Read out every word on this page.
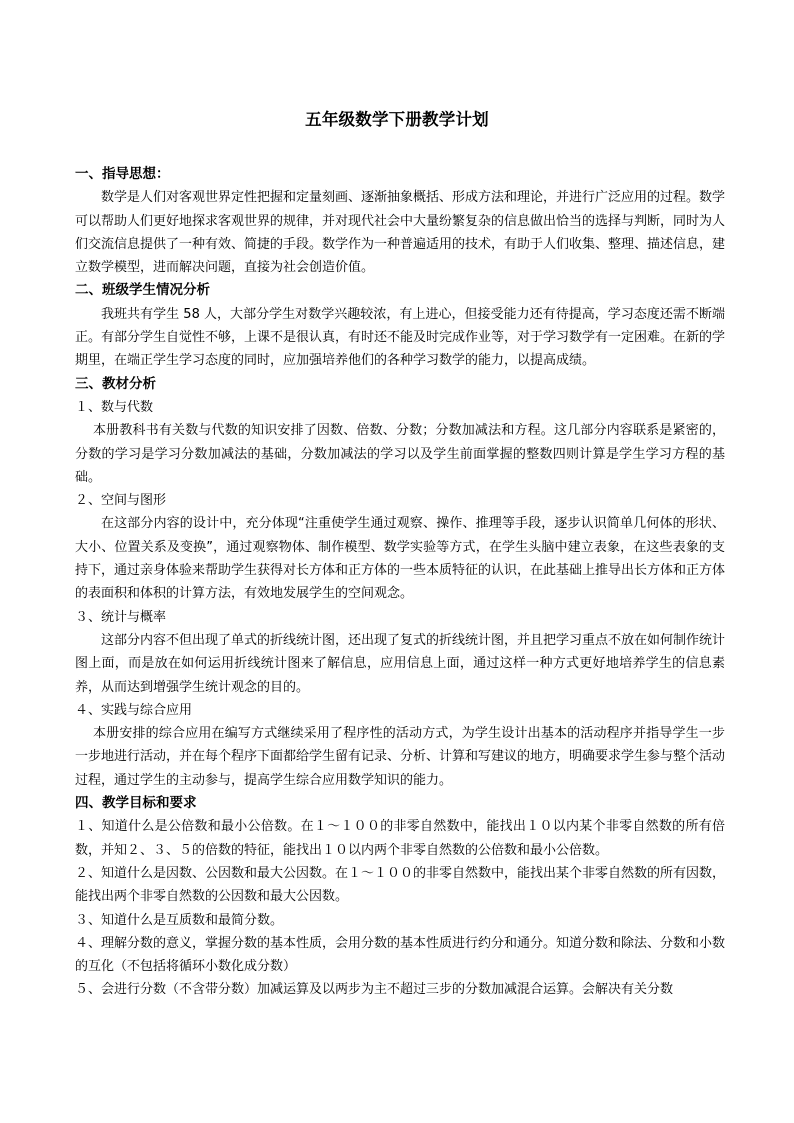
五年级数学下册教学计划

一、指导思想：

数学是人们对客观世界定性把握和定量刻画、逐渐抽象概括、形成方法和理论，并进行广泛应用的过程。数学可以帮助人们更好地探求客观世界的规律，并对现代社会中大量纷繁复杂的信息做出恰当的选择与判断，同时为人们交流信息提供了一种有效、简捷的手段。数学作为一种普遍适用的技术，有助于人们收集、整理、描述信息，建立数学模型，进而解决问题，直接为社会创造价值。

二、班级学生情况分析

我班共有学生 58 人，大部分学生对数学兴趣较浓，有上进心，但接受能力还有待提高，学习态度还需不断端正。有部分学生自觉性不够，上课不是很认真，有时还不能及时完成作业等，对于学习数学有一定困难。在新的学期里，在端正学生学习态度的同时，应加强培养他们的各种学习数学的能力，以提高成绩。

三、教材分析

１、数与代数

本册教科书有关数与代数的知识安排了因数、倍数、分数；分数加减法和方程。这几部分内容联系是紧密的，分数的学习是学习分数加减法的基础，分数加减法的学习以及学生前面掌握的整数四则计算是学生学习方程的基础。

２、空间与图形

在这部分内容的设计中，充分体现“注重使学生通过观察、操作、推理等手段，逐步认识简单几何体的形状、大小、位置关系及变换”，通过观察物体、制作模型、数学实验等方式，在学生头脑中建立表象，在这些表象的支持下，通过亲身体验来帮助学生获得对长方体和正方体的一些本质特征的认识，在此基础上推导出长方体和正方体的表面积和体积的计算方法，有效地发展学生的空间观念。

３、统计与概率

这部分内容不但出现了单式的折线统计图，还出现了复式的折线统计图，并且把学习重点不放在如何制作统计图上面，而是放在如何运用折线统计图来了解信息，应用信息上面，通过这样一种方式更好地培养学生的信息素养，从而达到增强学生统计观念的目的。

４、实践与综合应用

本册安排的综合应用在编写方式继续采用了程序性的活动方式，为学生设计出基本的活动程序并指导学生一步一步地进行活动，并在每个程序下面都给学生留有记录、分析、计算和写建议的地方，明确要求学生参与整个活动过程，通过学生的主动参与，提高学生综合应用数学知识的能力。

四、教学目标和要求

１、知道什么是公倍数和最小公倍数。在１～１００的非零自然数中，能找出１０以内某个非零自然数的所有倍数，并知２、３、５的倍数的特征，能找出１０以内两个非零自然数的公倍数和最小公倍数。

２、知道什么是因数、公因数和最大公因数。在１～１００的非零自然数中，能找出某个非零自然数的所有因数，能找出两个非零自然数的公因数和最大公因数。

３、知道什么是互质数和最简分数。

４、理解分数的意义，掌握分数的基本性质，会用分数的基本性质进行约分和通分。知道分数和除法、分数和小数的互化（不包括将循环小数化成分数）

５、会进行分数（不含带分数）加减运算及以两步为主不超过三步的分数加减混合运算。会解决有关分数
